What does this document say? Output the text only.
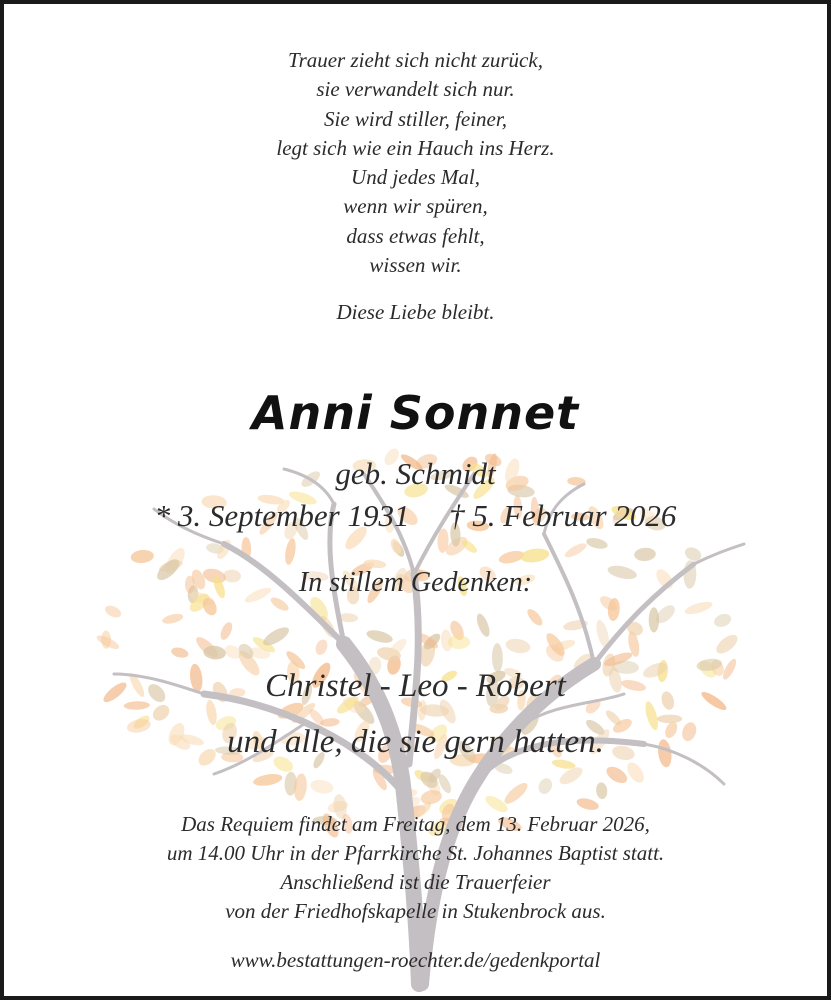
Trauer zieht sich nicht zurück,
sie verwandelt sich nur.
Sie wird stiller, feiner,
legt sich wie ein Hauch ins Herz.
Und jedes Mal,
wenn wir spüren,
dass etwas fehlt,
wissen wir.
Diese Liebe bleibt.
Anni Sonnet
geb. Schmidt
* 3. September 1931 † 5. Februar 2026
In stillem Gedenken:
Christel - Leo - Robert
und alle, die sie gern hatten.
Das Requiem findet am Freitag, dem 13. Februar 2026,
um 14.00 Uhr in der Pfarrkirche St. Johannes Baptist statt.
Anschließend ist die Trauerfeier
von der Friedhofskapelle in Stukenbrock aus.
www.bestattungen-roechter.de/gedenkportal
